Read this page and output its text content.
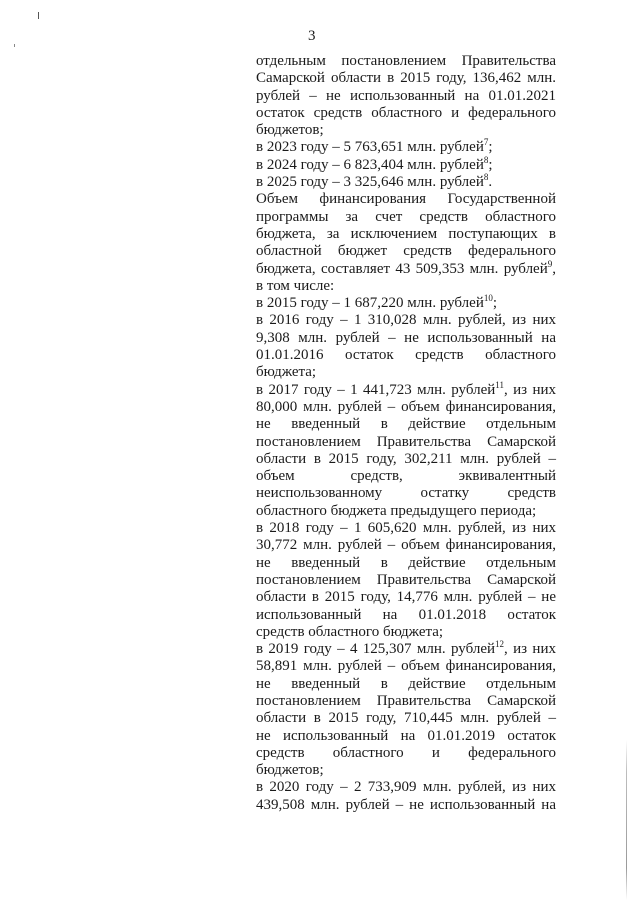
3
отдельным постановлением Правительства
Самарской области в 2015 году, 136,462 млн.
рублей – не использованный на 01.01.2021
остаток средств областного и федерального
бюджетов;
в 2023 году – 5 763,651 млн. рублей$^7$;
в 2024 году – 6 823,404 млн. рублей$^8$;
в 2025 году – 3 325,646 млн. рублей$^8$.
Объем финансирования Государственной
программы за счет средств областного
бюджета, за исключением поступающих в
областной бюджет средств федерального
бюджета, составляет 43 509,353 млн. рублей$^9$,
в том числе:
в 2015 году – 1 687,220 млн. рублей$^{10}$;
в 2016 году – 1 310,028 млн. рублей, из них
9,308 млн. рублей – не использованный на
01.01.2016 остаток средств областного
бюджета;
в 2017 году – 1 441,723 млн. рублей$^{11}$, из них
80,000 млн. рублей – объем финансирования,
не введенный в действие отдельным
постановлением Правительства Самарской
области в 2015 году, 302,211 млн. рублей –
объем средств, эквивалентный
неиспользованному остатку средств
областного бюджета предыдущего периода;
в 2018 году – 1 605,620 млн. рублей, из них
30,772 млн. рублей – объем финансирования,
не введенный в действие отдельным
постановлением Правительства Самарской
области в 2015 году, 14,776 млн. рублей – не
использованный на 01.01.2018 остаток
средств областного бюджета;
в 2019 году – 4 125,307 млн. рублей$^{12}$, из них
58,891 млн. рублей – объем финансирования,
не введенный в действие отдельным
постановлением Правительства Самарской
области в 2015 году, 710,445 млн. рублей –
не использованный на 01.01.2019 остаток
средств областного и федерального
бюджетов;
в 2020 году – 2 733,909 млн. рублей, из них
439,508 млн. рублей – не использованный на
